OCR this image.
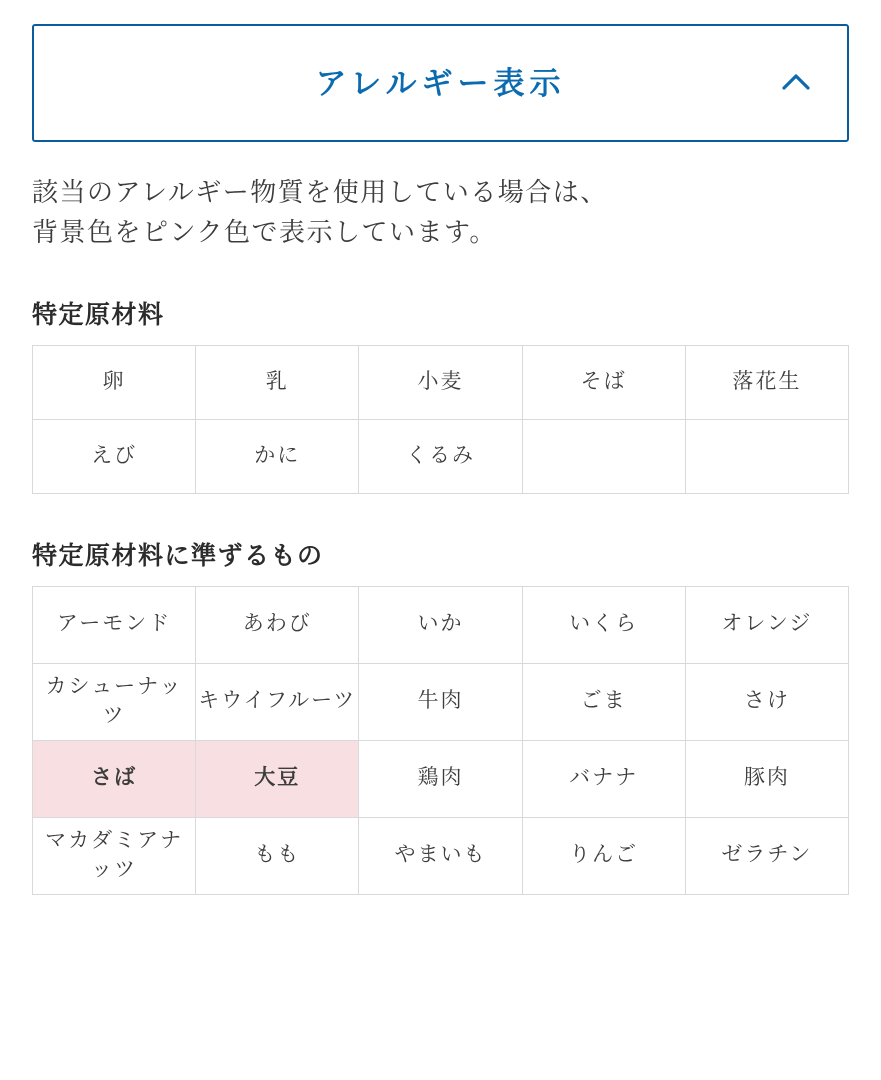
アレルギー表示
該当のアレルギー物質を使用している場合は、
背景色をピンク色で表示しています。
特定原材料
卵	乳	小麦	そば	落花生
えび	かに	くるみ		
特定原材料に準ずるもの
アーモンド	あわび	いか	いくら	オレンジ
カシューナッツ	キウイフルーツ	牛肉	ごま	さけ
さば	大豆	鶏肉	バナナ	豚肉
マカダミアナッツ	もも	やまいも	りんご	ゼラチン
